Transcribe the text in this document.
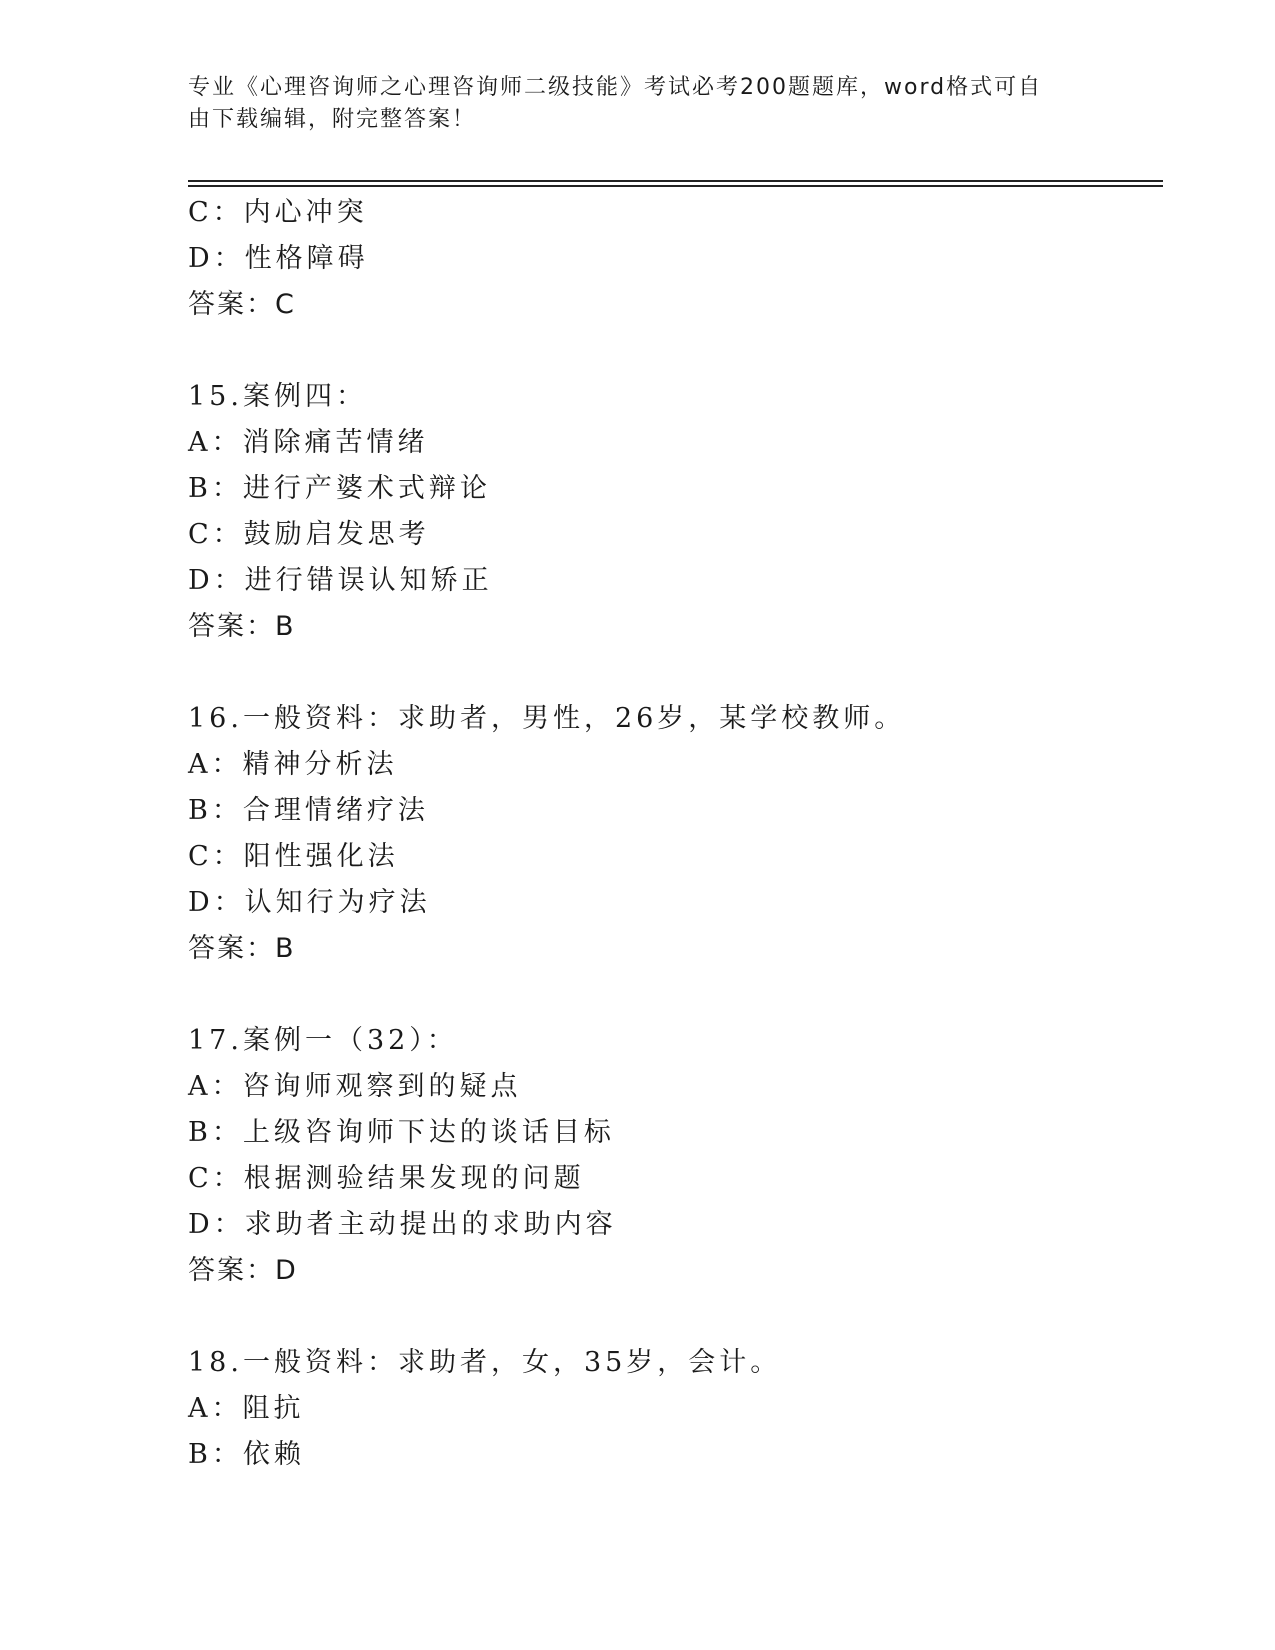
专业《心理咨询师之心理咨询师二级技能》考试必考200题题库，word格式可自
由下载编辑，附完整答案！
C：内心冲突
D：性格障碍
答案：C
15.案例四：
A：消除痛苦情绪
B：进行产婆术式辩论
C：鼓励启发思考
D：进行错误认知矫正
答案：B
16.一般资料：求助者，男性，26岁，某学校教师。
A：精神分析法
B：合理情绪疗法
C：阳性强化法
D：认知行为疗法
答案：B
17.案例一（32）：
A：咨询师观察到的疑点
B：上级咨询师下达的谈话目标
C：根据测验结果发现的问题
D：求助者主动提出的求助内容
答案：D
18.一般资料：求助者，女，35岁，会计。
A：阻抗
B：依赖
